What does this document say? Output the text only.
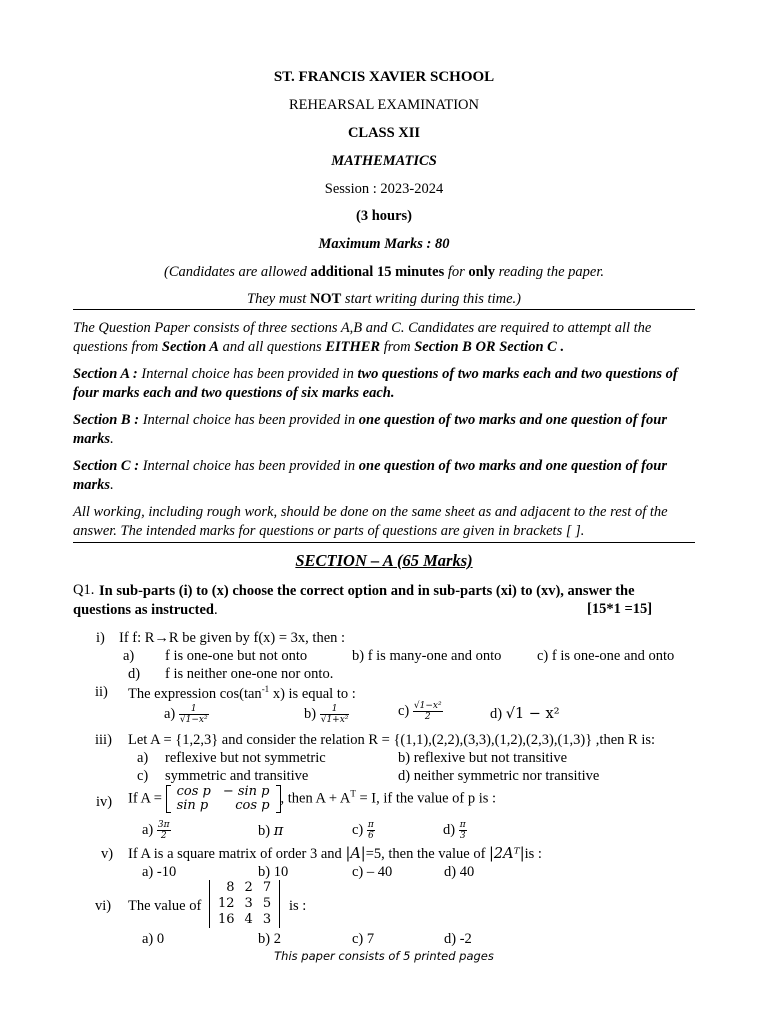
ST. FRANCIS XAVIER SCHOOL
REHEARSAL EXAMINATION
CLASS XII
MATHEMATICS
Session : 2023-2024
(3 hours)
Maximum Marks : 80
(Candidates are allowed additional 15 minutes for only reading the paper.
They must NOT start writing during this time.)
The Question Paper consists of three sections A,B and C. Candidates are required to attempt all the questions from Section A and all questions EITHER from Section B OR Section C .
Section A : Internal choice has been provided in two questions of two marks each and two questions of four marks each and two questions of six marks each.
Section B : Internal choice has been provided in one question of two marks and one question of four marks.
Section C : Internal choice has been provided in one question of two marks and one question of four marks.
All working, including rough work, should be done on the same sheet as and adjacent to the rest of the answer. The intended marks for questions or parts of questions are given in brackets [ ].
SECTION – A (65 Marks)
Q1. In sub-parts (i) to (x) choose the correct option and in sub-parts (xi) to (xv), answer the questions as instructed.	[15*1 =15]
i) If f: R→R be given by f(x) = 3x, then :
a) f is one-one but not onto	b) f is many-one and onto c) f is one-one and onto
d) f is neither one-one nor onto.
ii) The expression $\cos(\tan^{-1}$ x) is equal to :
$a) \frac{1}{\text{√1−x²}}$	$b) \frac{1}{\text{√1+x²}}$	$c) \frac{\text{√1−x²}}{2}$	d) √1 − x²
iii) Let A = {1,2,3} and consider the relation R = {(1,1),(2,2),(3,3),(1,2),(2,3),(1,3)} ,then R is:
a) reflexive but not symmetric	b) reflexive but not transitive
c) symmetric and transitive	d) neither symmetric nor transitive
iv) If A = cos p	− sin p
sin p	cos p , then $A + A^T = I$, if the value of p is :
$a) \frac{3\pi}{2}$	b) π	$c) \frac{\pi}{6}$	$d) \frac{\pi}{3}$
v) If A is a square matrix of order 3 and |A|=5, then the value of |2Aᵀ|is :
a) -10	b) 10	c) – 40	d) 40
vi) The value of
8	2	7
12	3	5
16	4	3
is :
a) 0	b) 2	c) 7	d) -2
This paper consists of 5 printed pages
